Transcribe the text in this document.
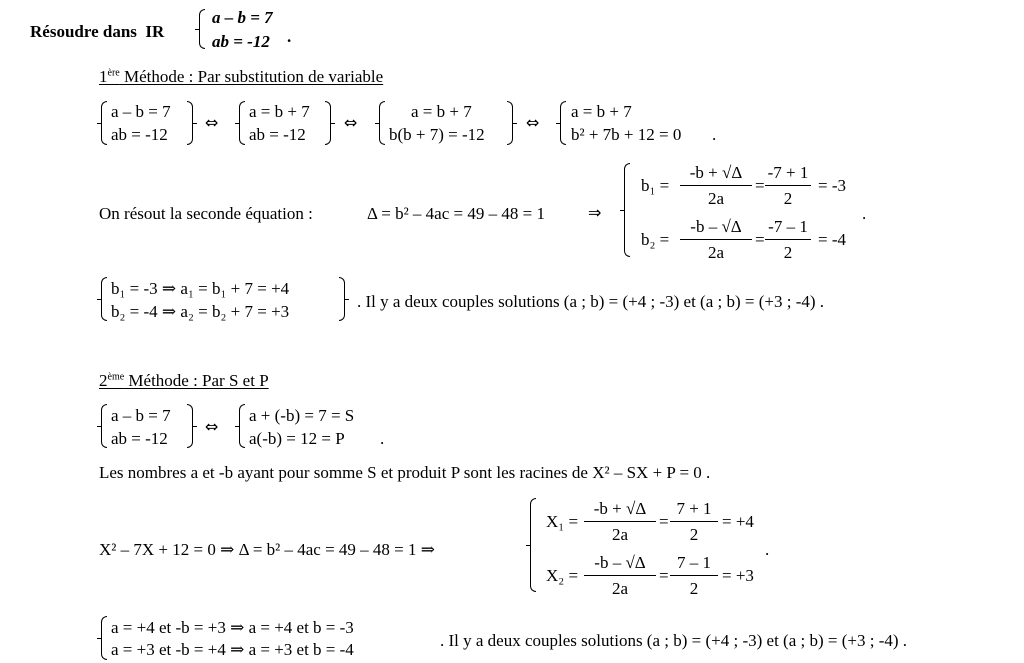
Résoudre dans IR
a – b = 7
ab = -12 .
1ère Méthode : Par substitution de variable
a – b = 7
ab = -12
⇔
a = b + 7
ab = -12
⇔
a = b + 7
b(b + 7) = -12
⇔
a = b + 7
b² + 7b + 12 = 0 .
On résout la seconde équation :	Δ = b² – 4ac = 49 – 48 = 1	⇒
$b_1 = \frac{-b + √\Delta}{2a} = \frac{-7 + 1}{2} = -3$
$b_2 = \frac{-b - √\Delta}{2a} = \frac{-7 - 1}{2} = -4$
.
b₁ = -3 ⇒ a₁ = b₁ + 7 = +4
b₂ = -4 ⇒ a₂ = b₂ + 7 = +3
. Il y a deux couples solutions (a ; b) = (+4 ; -3) et (a ; b) = (+3 ; -4) .
2ème Méthode : Par S et P
a – b = 7
ab = -12
⇔
a + (-b) = 7 = S
a(-b) = 12 = P .
Les nombres a et -b ayant pour somme S et produit P sont les racines de X² – SX + P = 0 .
X² – 7X + 12 = 0 ⇒ Δ = b² – 4ac = 49 – 48 = 1 ⇒
$X_1 = \frac{-b + √\Delta}{2a} = \frac{7 + 1}{2} = +4$
$X_2 = \frac{-b - √\Delta}{2a} = \frac{7 - 1}{2} = +3$
.
a = +4 et -b = +3 ⇒ a = +4 et b = -3
a = +3 et -b = +4 ⇒ a = +3 et b = -4	. Il y a deux couples solutions (a ; b) = (+4 ; -3) et (a ; b) = (+3 ; -4) .
